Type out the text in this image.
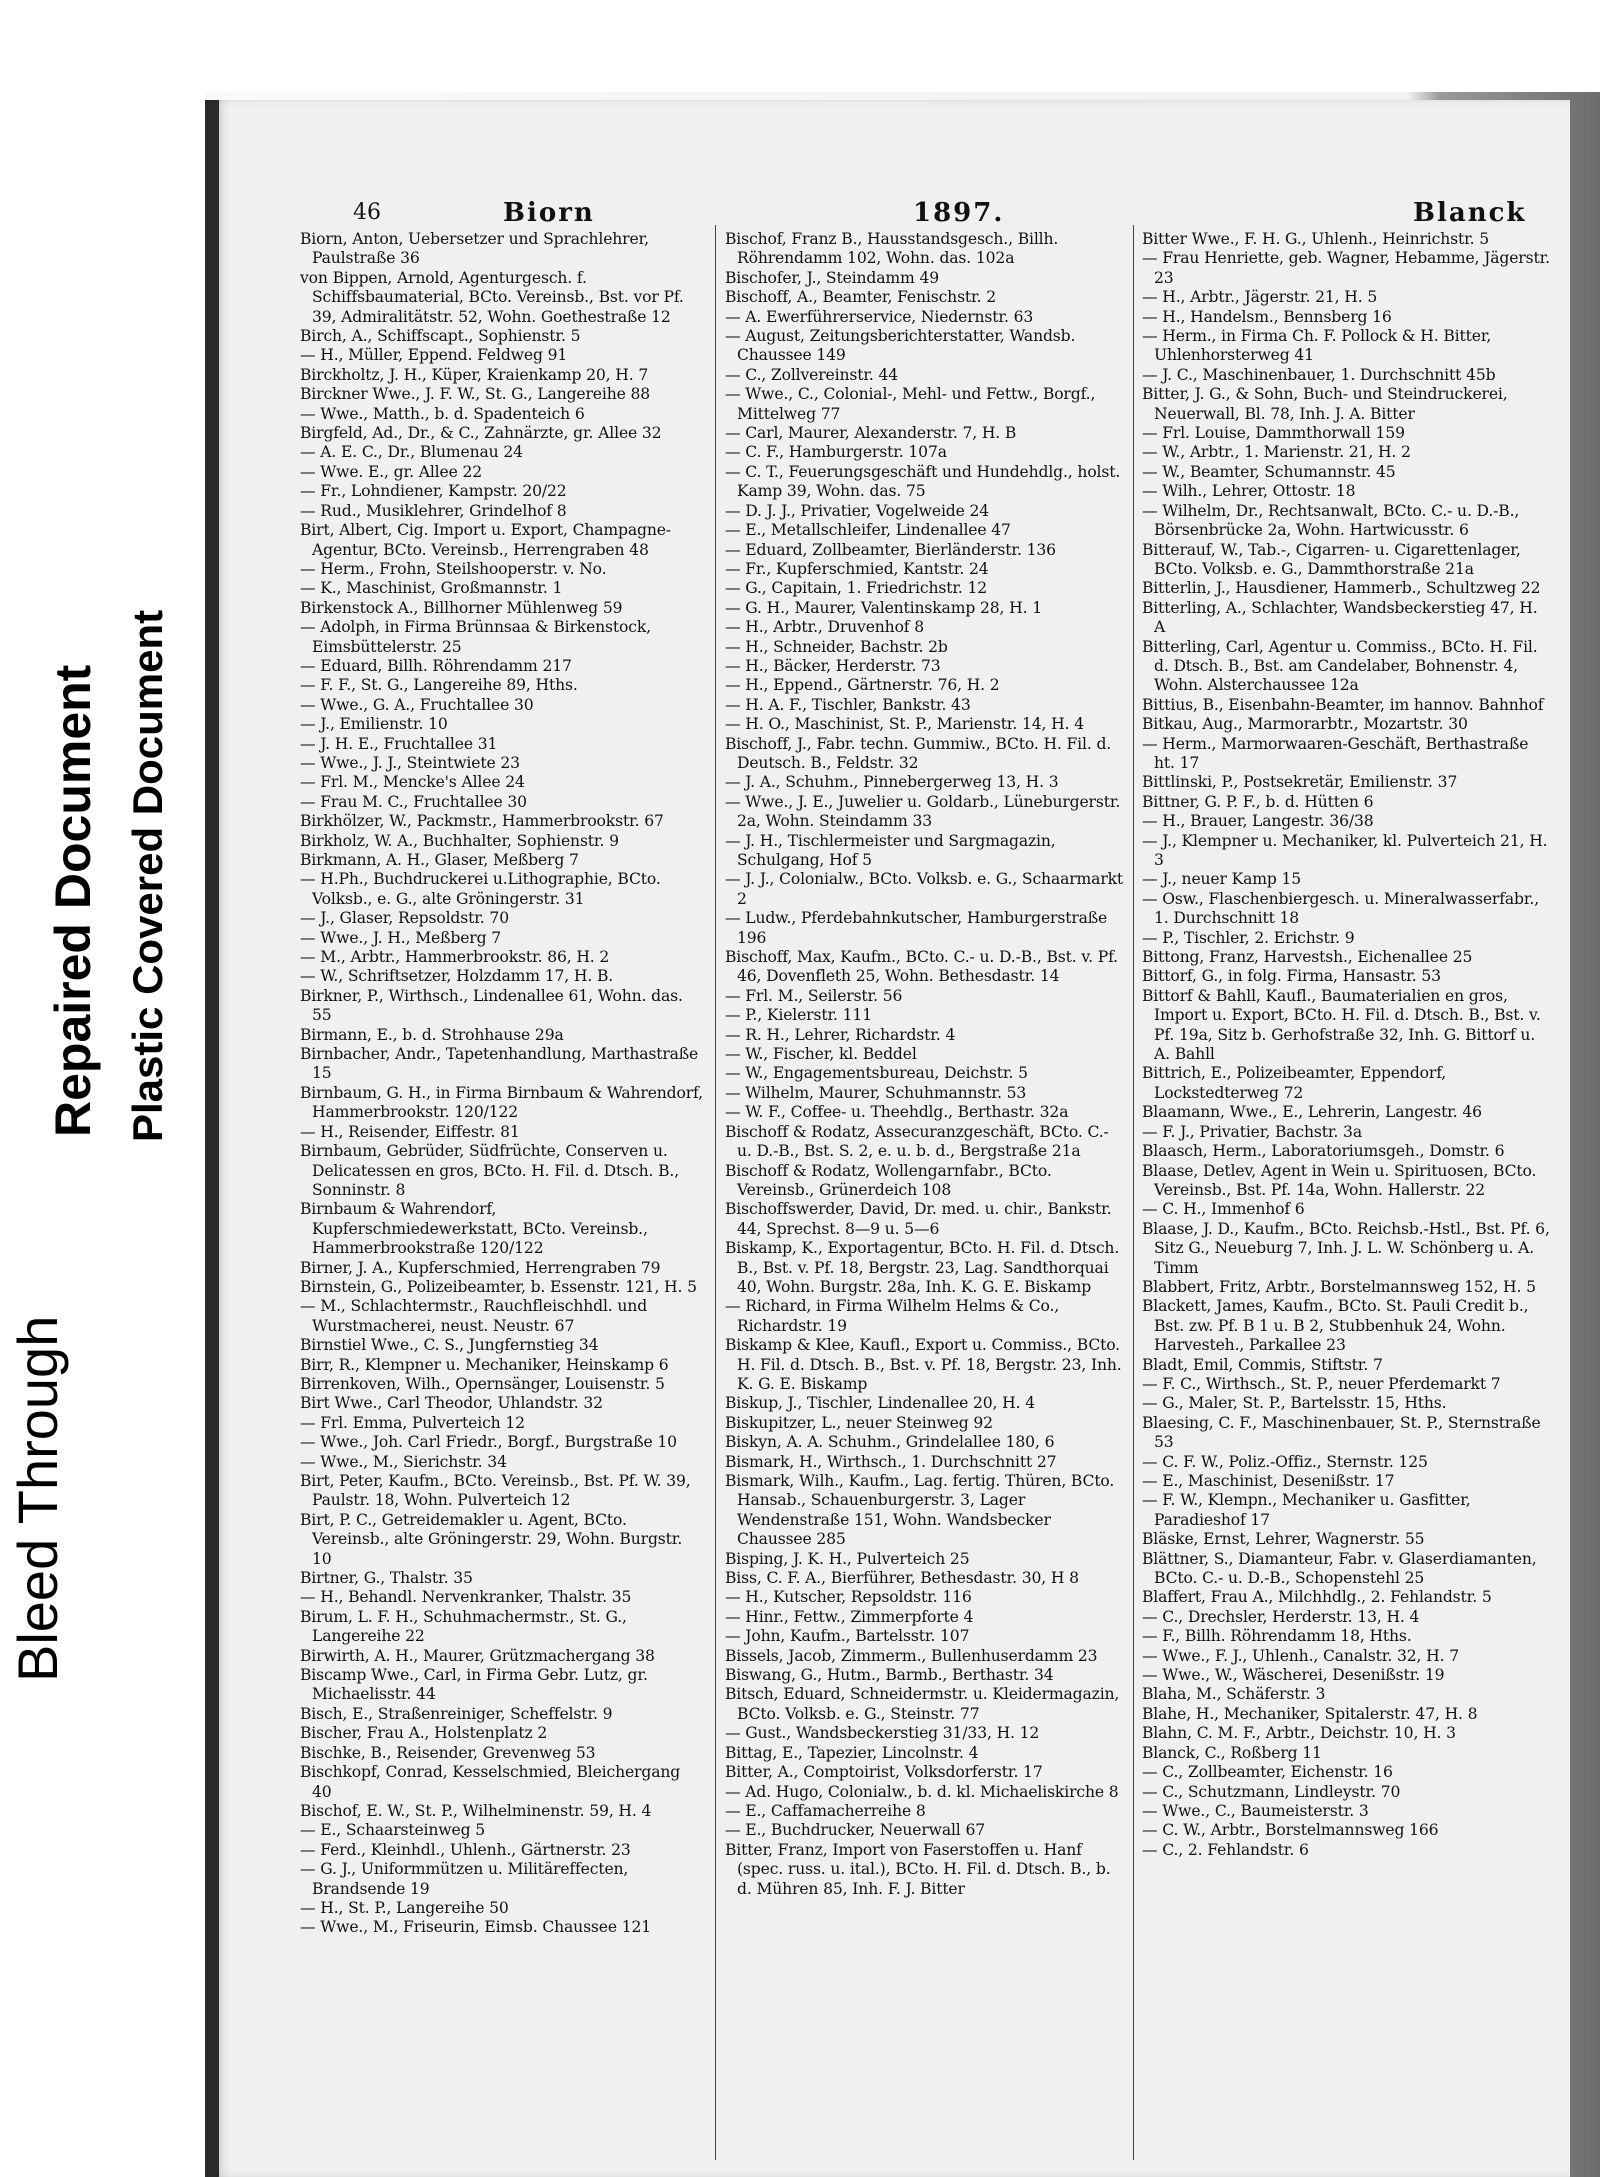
Bleed Through
Repaired Document Plastic Covered Document
46	Biorn	1897.	Blanck

Biorn, Anton, Uebersetzer und Sprachlehrer, Paulstraße 36

von Bippen, Arnold, Agenturgesch. f. Schiffsbaumaterial, BCto. Vereinsb., Bst. vor Pf. 39, Admiralitätstr. 52, Wohn. Goethestraße 12

Birch, A., Schiffscapt., Sophienstr. 5

— H., Müller, Eppend. Feldweg 91

Birckholtz, J. H., Küper, Kraienkamp 20, H. 7

Birckner Wwe., J. F. W., St. G., Langereihe 88

— Wwe., Matth., b. d. Spadenteich 6

Birgfeld, Ad., Dr., & C., Zahnärzte, gr. Allee 32

— A. E. C., Dr., Blumenau 24

— Wwe. E., gr. Allee 22

— Fr., Lohndiener, Kampstr. 20/22

— Rud., Musiklehrer, Grindelhof 8

Birt, Albert, Cig. Import u. Export, Champagne-Agentur, BCto. Vereinsb., Herrengraben 48

— Herm., Frohn, Steilshooperstr. v. No.

— K., Maschinist, Großmannstr. 1

Birkenstock A., Billhorner Mühlenweg 59

— Adolph, in Firma Brünnsaa & Birkenstock, Eimsbüttelerstr. 25

— Eduard, Billh. Röhrendamm 217

— F. F., St. G., Langereihe 89, Hths.

— Wwe., G. A., Fruchtallee 30

— J., Emilienstr. 10

— J. H. E., Fruchtallee 31

— Wwe., J. J., Steintwiete 23

— Frl. M., Mencke's Allee 24

— Frau M. C., Fruchtallee 30

Birkhölzer, W., Packmstr., Hammerbrookstr. 67

Birkholz, W. A., Buchhalter, Sophienstr. 9

Birkmann, A. H., Glaser, Meßberg 7

— H.Ph., Buchdruckerei u.Lithographie, BCto. Volksb., e. G., alte Gröningerstr. 31

— J., Glaser, Repsoldstr. 70

— Wwe., J. H., Meßberg 7

— M., Arbtr., Hammerbrookstr. 86, H. 2

— W., Schriftsetzer, Holzdamm 17, H. B.

Birkner, P., Wirthsch., Lindenallee 61, Wohn. das. 55

Birmann, E., b. d. Strohhause 29a

Birnbacher, Andr., Tapetenhandlung, Marthastraße 15

Birnbaum, G. H., in Firma Birnbaum & Wahrendorf, Hammerbrookstr. 120/122

— H., Reisender, Eiffestr. 81

Birnbaum, Gebrüder, Südfrüchte, Conserven u. Delicatessen en gros, BCto. H. Fil. d. Dtsch. B., Sonninstr. 8

Birnbaum & Wahrendorf, Kupferschmiedewerkstatt, BCto. Vereinsb., Hammerbrookstraße 120/122

Birner, J. A., Kupferschmied, Herrengraben 79

Birnstein, G., Polizeibeamter, b. Essenstr. 121, H. 5

— M., Schlachtermstr., Rauchfleischhdl. und Wurstmacherei, neust. Neustr. 67

Birnstiel Wwe., C. S., Jungfernstieg 34

Birr, R., Klempner u. Mechaniker, Heinskamp 6

Birrenkoven, Wilh., Opernsänger, Louisenstr. 5

Birt Wwe., Carl Theodor, Uhlandstr. 32

— Frl. Emma, Pulverteich 12

— Wwe., Joh. Carl Friedr., Borgf., Burgstraße 10

— Wwe., M., Sierichstr. 34

Birt, Peter, Kaufm., BCto. Vereinsb., Bst. Pf. W. 39, Paulstr. 18, Wohn. Pulverteich 12

Birt, P. C., Getreidemakler u. Agent, BCto. Vereinsb., alte Gröningerstr. 29, Wohn. Burgstr. 10

Birtner, G., Thalstr. 35

— H., Behandl. Nervenkranker, Thalstr. 35

Birum, L. F. H., Schuhmachermstr., St. G., Langereihe 22

Birwirth, A. H., Maurer, Grützmachergang 38

Biscamp Wwe., Carl, in Firma Gebr. Lutz, gr. Michaelisstr. 44

Bisch, E., Straßenreiniger, Scheffelstr. 9

Bischer, Frau A., Holstenplatz 2

Bischke, B., Reisender, Grevenweg 53

Bischkopf, Conrad, Kesselschmied, Bleichergang 40

Bischof, E. W., St. P., Wilhelminenstr. 59, H. 4

— E., Schaarsteinweg 5

— Ferd., Kleinhdl., Uhlenh., Gärtnerstr. 23

— G. J., Uniformmützen u. Militäreffecten, Brandsende 19

— H., St. P., Langereihe 50

— Wwe., M., Friseurin, Eimsb. Chaussee 121

Bischof, Franz B., Hausstandsgesch., Billh. Röhrendamm 102, Wohn. das. 102a

Bischofer, J., Steindamm 49

Bischoff, A., Beamter, Fenischstr. 2

— A. Ewerführerservice, Niedernstr. 63

— August, Zeitungsberichterstatter, Wandsb. Chaussee 149

— C., Zollvereinstr. 44

— Wwe., C., Colonial-, Mehl- und Fettw., Borgf., Mittelweg 77

— Carl, Maurer, Alexanderstr. 7, H. B

— C. F., Hamburgerstr. 107a

— C. T., Feuerungsgeschäft und Hundehdlg., holst. Kamp 39, Wohn. das. 75

— D. J. J., Privatier, Vogelweide 24

— E., Metallschleifer, Lindenallee 47

— Eduard, Zollbeamter, Bierländerstr. 136

— Fr., Kupferschmied, Kantstr. 24

— G., Capitain, 1. Friedrichstr. 12

— G. H., Maurer, Valentinskamp 28, H. 1

— H., Arbtr., Druvenhof 8

— H., Schneider, Bachstr. 2b

— H., Bäcker, Herderstr. 73

— H., Eppend., Gärtnerstr. 76, H. 2

— H. A. F., Tischler, Bankstr. 43

— H. O., Maschinist, St. P., Marienstr. 14, H. 4

Bischoff, J., Fabr. techn. Gummiw., BCto. H. Fil. d. Deutsch. B., Feldstr. 32

— J. A., Schuhm., Pinnebergerweg 13, H. 3

— Wwe., J. E., Juwelier u. Goldarb., Lüneburgerstr. 2a, Wohn. Steindamm 33

— J. H., Tischlermeister und Sargmagazin, Schulgang, Hof 5

— J. J., Colonialw., BCto. Volksb. e. G., Schaarmarkt 2

— Ludw., Pferdebahnkutscher, Hamburgerstraße 196

Bischoff, Max, Kaufm., BCto. C.- u. D.-B., Bst. v. Pf. 46, Dovenfleth 25, Wohn. Bethesdastr. 14

— Frl. M., Seilerstr. 56

— P., Kielerstr. 111

— R. H., Lehrer, Richardstr. 4

— W., Fischer, kl. Beddel

— W., Engagementsbureau, Deichstr. 5

— Wilhelm, Maurer, Schuhmannstr. 53

— W. F., Coffee- u. Theehdlg., Berthastr. 32a

Bischoff & Rodatz, Assecuranzgeschäft, BCto. C.- u. D.-B., Bst. S. 2, e. u. b. d., Bergstraße 21a

Bischoff & Rodatz, Wollengarnfabr., BCto. Vereinsb., Grünerdeich 108

Bischoffswerder, David, Dr. med. u. chir., Bankstr. 44, Sprechst. 8—9 u. 5—6

Biskamp, K., Exportagentur, BCto. H. Fil. d. Dtsch. B., Bst. v. Pf. 18, Bergstr. 23, Lag. Sandthorquai 40, Wohn. Burgstr. 28a, Inh. K. G. E. Biskamp

— Richard, in Firma Wilhelm Helms & Co., Richardstr. 19

Biskamp & Klee, Kaufl., Export u. Commiss., BCto. H. Fil. d. Dtsch. B., Bst. v. Pf. 18, Bergstr. 23, Inh. K. G. E. Biskamp

Biskup, J., Tischler, Lindenallee 20, H. 4

Biskupitzer, L., neuer Steinweg 92

Biskyn, A. A. Schuhm., Grindelallee 180, 6

Bismark, H., Wirthsch., 1. Durchschnitt 27

Bismark, Wilh., Kaufm., Lag. fertig. Thüren, BCto. Hansab., Schauenburgerstr. 3, Lager Wendenstraße 151, Wohn. Wandsbecker Chaussee 285

Bisping, J. K. H., Pulverteich 25

Biss, C. F. A., Bierführer, Bethesdastr. 30, H 8

— H., Kutscher, Repsoldstr. 116

— Hinr., Fettw., Zimmerpforte 4

— John, Kaufm., Bartelsstr. 107

Bissels, Jacob, Zimmerm., Bullenhuserdamm 23

Biswang, G., Hutm., Barmb., Berthastr. 34

Bitsch, Eduard, Schneidermstr. u. Kleidermagazin, BCto. Volksb. e. G., Steinstr. 77

— Gust., Wandsbeckerstieg 31/33, H. 12

Bittag, E., Tapezier, Lincolnstr. 4

Bitter, A., Comptoirist, Volksdorferstr. 17

— Ad. Hugo, Colonialw., b. d. kl. Michaeliskirche 8

— E., Caffamacherreihe 8

— E., Buchdrucker, Neuerwall 67

Bitter, Franz, Import von Faserstoffen u. Hanf (spec. russ. u. ital.), BCto. H. Fil. d. Dtsch. B., b. d. Mühren 85, Inh. F. J. Bitter

Bitter Wwe., F. H. G., Uhlenh., Heinrichstr. 5

— Frau Henriette, geb. Wagner, Hebamme, Jägerstr. 23

— H., Arbtr., Jägerstr. 21, H. 5

— H., Handelsm., Bennsberg 16

— Herm., in Firma Ch. F. Pollock & H. Bitter, Uhlenhorsterweg 41

— J. C., Maschinenbauer, 1. Durchschnitt 45b

Bitter, J. G., & Sohn, Buch- und Steindruckerei, Neuerwall, Bl. 78, Inh. J. A. Bitter

— Frl. Louise, Dammthorwall 159

— W., Arbtr., 1. Marienstr. 21, H. 2

— W., Beamter, Schumannstr. 45

— Wilh., Lehrer, Ottostr. 18

— Wilhelm, Dr., Rechtsanwalt, BCto. C.- u. D.-B., Börsenbrücke 2a, Wohn. Hartwicusstr. 6

Bitterauf, W., Tab.-, Cigarren- u. Cigarettenlager, BCto. Volksb. e. G., Dammthorstraße 21a

Bitterlin, J., Hausdiener, Hammerb., Schultzweg 22

Bitterling, A., Schlachter, Wandsbeckerstieg 47, H. A

Bitterling, Carl, Agentur u. Commiss., BCto. H. Fil. d. Dtsch. B., Bst. am Candelaber, Bohnenstr. 4, Wohn. Alsterchaussee 12a

Bittius, B., Eisenbahn-Beamter, im hannov. Bahnhof

Bitkau, Aug., Marmorarbtr., Mozartstr. 30

— Herm., Marmorwaaren-Geschäft, Berthastraße ht. 17

Bittlinski, P., Postsekretär, Emilienstr. 37

Bittner, G. P. F., b. d. Hütten 6

— H., Brauer, Langestr. 36/38

— J., Klempner u. Mechaniker, kl. Pulverteich 21, H. 3

— J., neuer Kamp 15

— Osw., Flaschenbiergesch. u. Mineralwasserfabr., 1. Durchschnitt 18

— P., Tischler, 2. Erichstr. 9

Bittong, Franz, Harvestsh., Eichenallee 25

Bittorf, G., in folg. Firma, Hansastr. 53

Bittorf & Bahll, Kaufl., Baumaterialien en gros, Import u. Export, BCto. H. Fil. d. Dtsch. B., Bst. v. Pf. 19a, Sitz b. Gerhofstraße 32, Inh. G. Bittorf u. A. Bahll

Bittrich, E., Polizeibeamter, Eppendorf, Lockstedterweg 72

Blaamann, Wwe., E., Lehrerin, Langestr. 46

— F. J., Privatier, Bachstr. 3a

Blaasch, Herm., Laboratoriumsgeh., Domstr. 6

Blaase, Detlev, Agent in Wein u. Spirituosen, BCto. Vereinsb., Bst. Pf. 14a, Wohn. Hallerstr. 22

— C. H., Immenhof 6

Blaase, J. D., Kaufm., BCto. Reichsb.-Hstl., Bst. Pf. 6, Sitz G., Neueburg 7, Inh. J. L. W. Schönberg u. A. Timm

Blabbert, Fritz, Arbtr., Borstelmannsweg 152, H. 5

Blackett, James, Kaufm., BCto. St. Pauli Credit b., Bst. zw. Pf. B 1 u. B 2, Stubbenhuk 24, Wohn. Harvesteh., Parkallee 23

Bladt, Emil, Commis, Stiftstr. 7

— F. C., Wirthsch., St. P., neuer Pferdemarkt 7

— G., Maler, St. P., Bartelsstr. 15, Hths.

Blaesing, C. F., Maschinenbauer, St. P., Sternstraße 53

— C. F. W., Poliz.-Offiz., Sternstr. 125

— E., Maschinist, Desenißstr. 17

— F. W., Klempn., Mechaniker u. Gasfitter, Paradieshof 17

Bläske, Ernst, Lehrer, Wagnerstr. 55

Blättner, S., Diamanteur, Fabr. v. Glaserdiamanten, BCto. C.- u. D.-B., Schopenstehl 25

Blaffert, Frau A., Milchhdlg., 2. Fehlandstr. 5

— C., Drechsler, Herderstr. 13, H. 4

— F., Billh. Röhrendamm 18, Hths.

— Wwe., F. J., Uhlenh., Canalstr. 32, H. 7

— Wwe., W., Wäscherei, Desenißstr. 19

Blaha, M., Schäferstr. 3

Blahe, H., Mechaniker, Spitalerstr. 47, H. 8

Blahn, C. M. F., Arbtr., Deichstr. 10, H. 3

Blanck, C., Roßberg 11

— C., Zollbeamter, Eichenstr. 16

— C., Schutzmann, Lindleystr. 70

— Wwe., C., Baumeisterstr. 3

— C. W., Arbtr., Borstelmannsweg 166

— C., 2. Fehlandstr. 6
